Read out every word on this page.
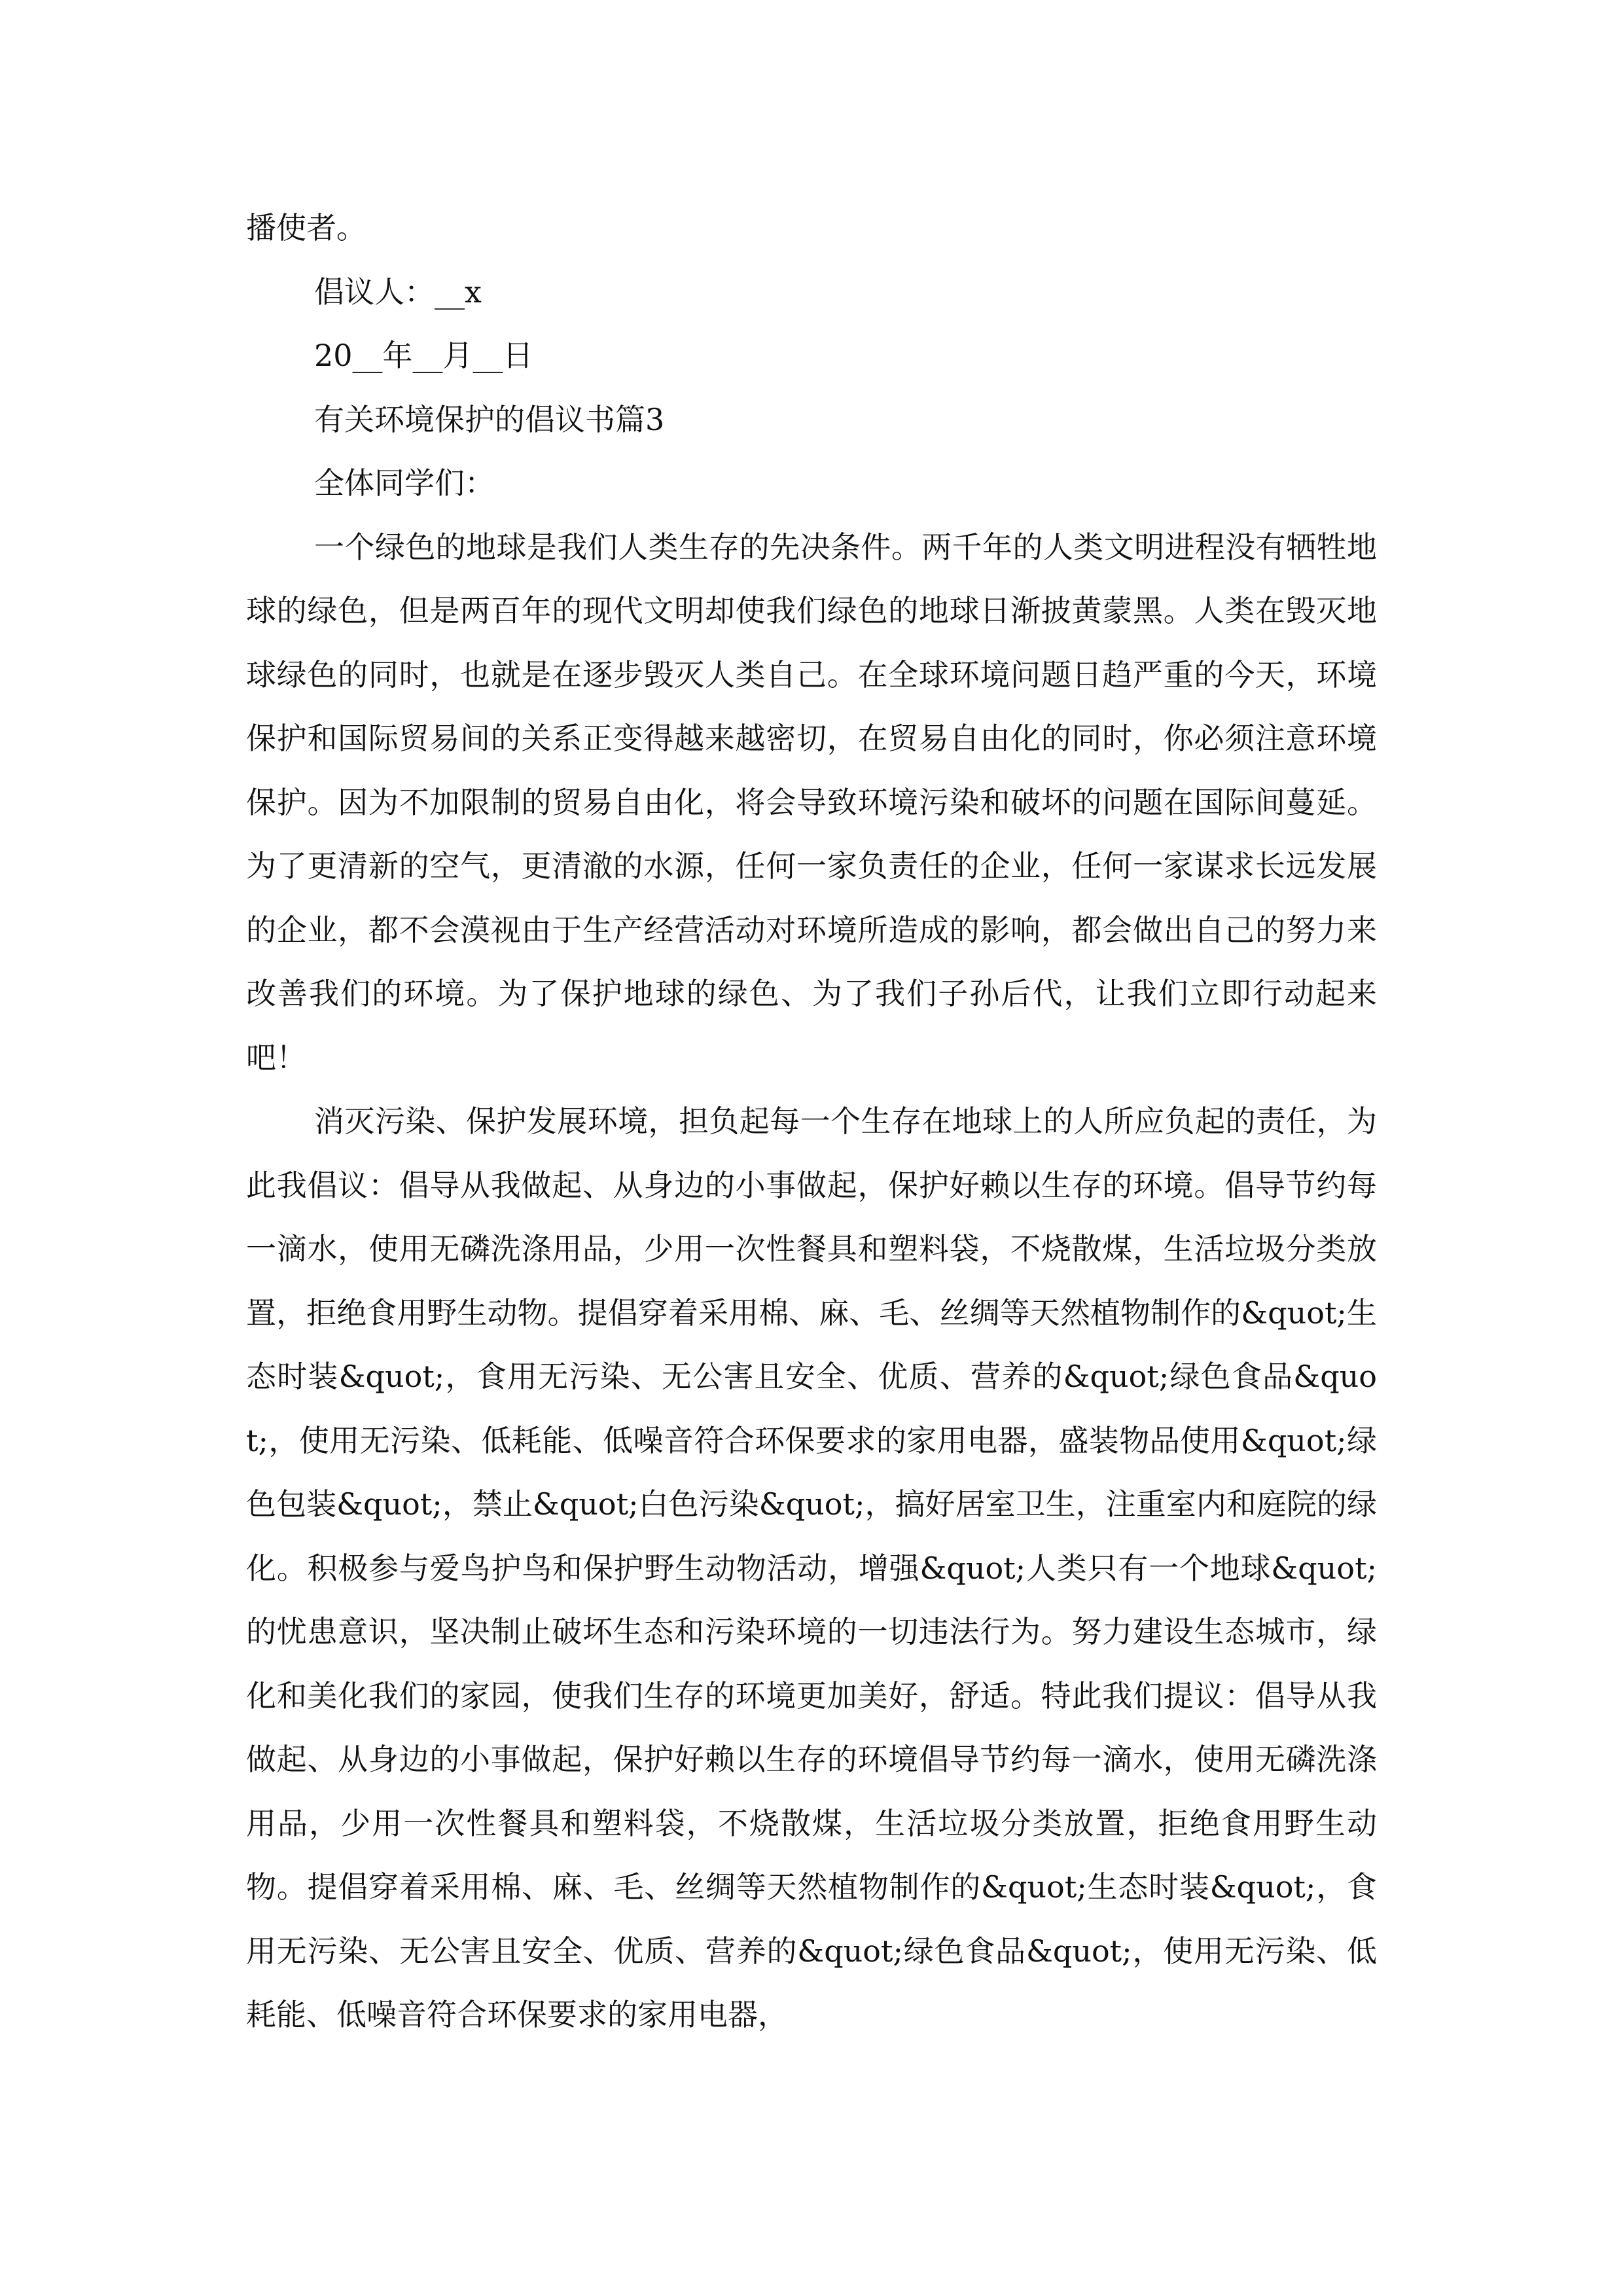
播使者。

倡议人：__x

20__年__月__日

有关环境保护的倡议书篇3

全体同学们：

一个绿色的地球是我们人类生存的先决条件。两千年的人类文明进程没有牺牲地球的绿色，但是两百年的现代文明却使我们绿色的地球日渐披黄蒙黑。人类在毁灭地球绿色的同时，也就是在逐步毁灭人类自己。在全球环境问题日趋严重的今天，环境保护和国际贸易间的关系正变得越来越密切，在贸易自由化的同时，你必须注意环境保护。因为不加限制的贸易自由化，将会导致环境污染和破坏的问题在国际间蔓延。为了更清新的空气，更清澈的水源，任何一家负责任的企业，任何一家谋求长远发展的企业，都不会漠视由于生产经营活动对环境所造成的影响，都会做出自己的努力来改善我们的环境。为了保护地球的绿色、为了我们子孙后代，让我们立即行动起来吧！

消灭污染、保护发展环境，担负起每一个生存在地球上的人所应负起的责任，为此我倡议：倡导从我做起、从身边的小事做起，保护好赖以生存的环境。倡导节约每一滴水，使用无磷洗涤用品，少用一次性餐具和塑料袋，不烧散煤，生活垃圾分类放置，拒绝食用野生动物。提倡穿着采用棉、麻、毛、丝绸等天然植物制作的&quot;生态时装&quot;，食用无污染、无公害且安全、优质、营养的&quot;绿色食品&quot;，使用无污染、低耗能、低噪音符合环保要求的家用电器，盛装物品使用&quot;绿色包装&quot;，禁止&quot;白色污染&quot;，搞好居室卫生，注重室内和庭院的绿化。积极参与爱鸟护鸟和保护野生动物活动，增强&quot;人类只有一个地球&quot;的忧患意识，坚决制止破坏生态和污染环境的一切违法行为。努力建设生态城市，绿化和美化我们的家园，使我们生存的环境更加美好，舒适。特此我们提议：倡导从我做起、从身边的小事做起，保护好赖以生存的环境倡导节约每一滴水，使用无磷洗涤用品，少用一次性餐具和塑料袋，不烧散煤，生活垃圾分类放置，拒绝食用野生动物。提倡穿着采用棉、麻、毛、丝绸等天然植物制作的&quot;生态时装&quot;，食用无污染、无公害且安全、优质、营养的&quot;绿色食品&quot;，使用无污染、低耗能、低噪音符合环保要求的家用电器，
